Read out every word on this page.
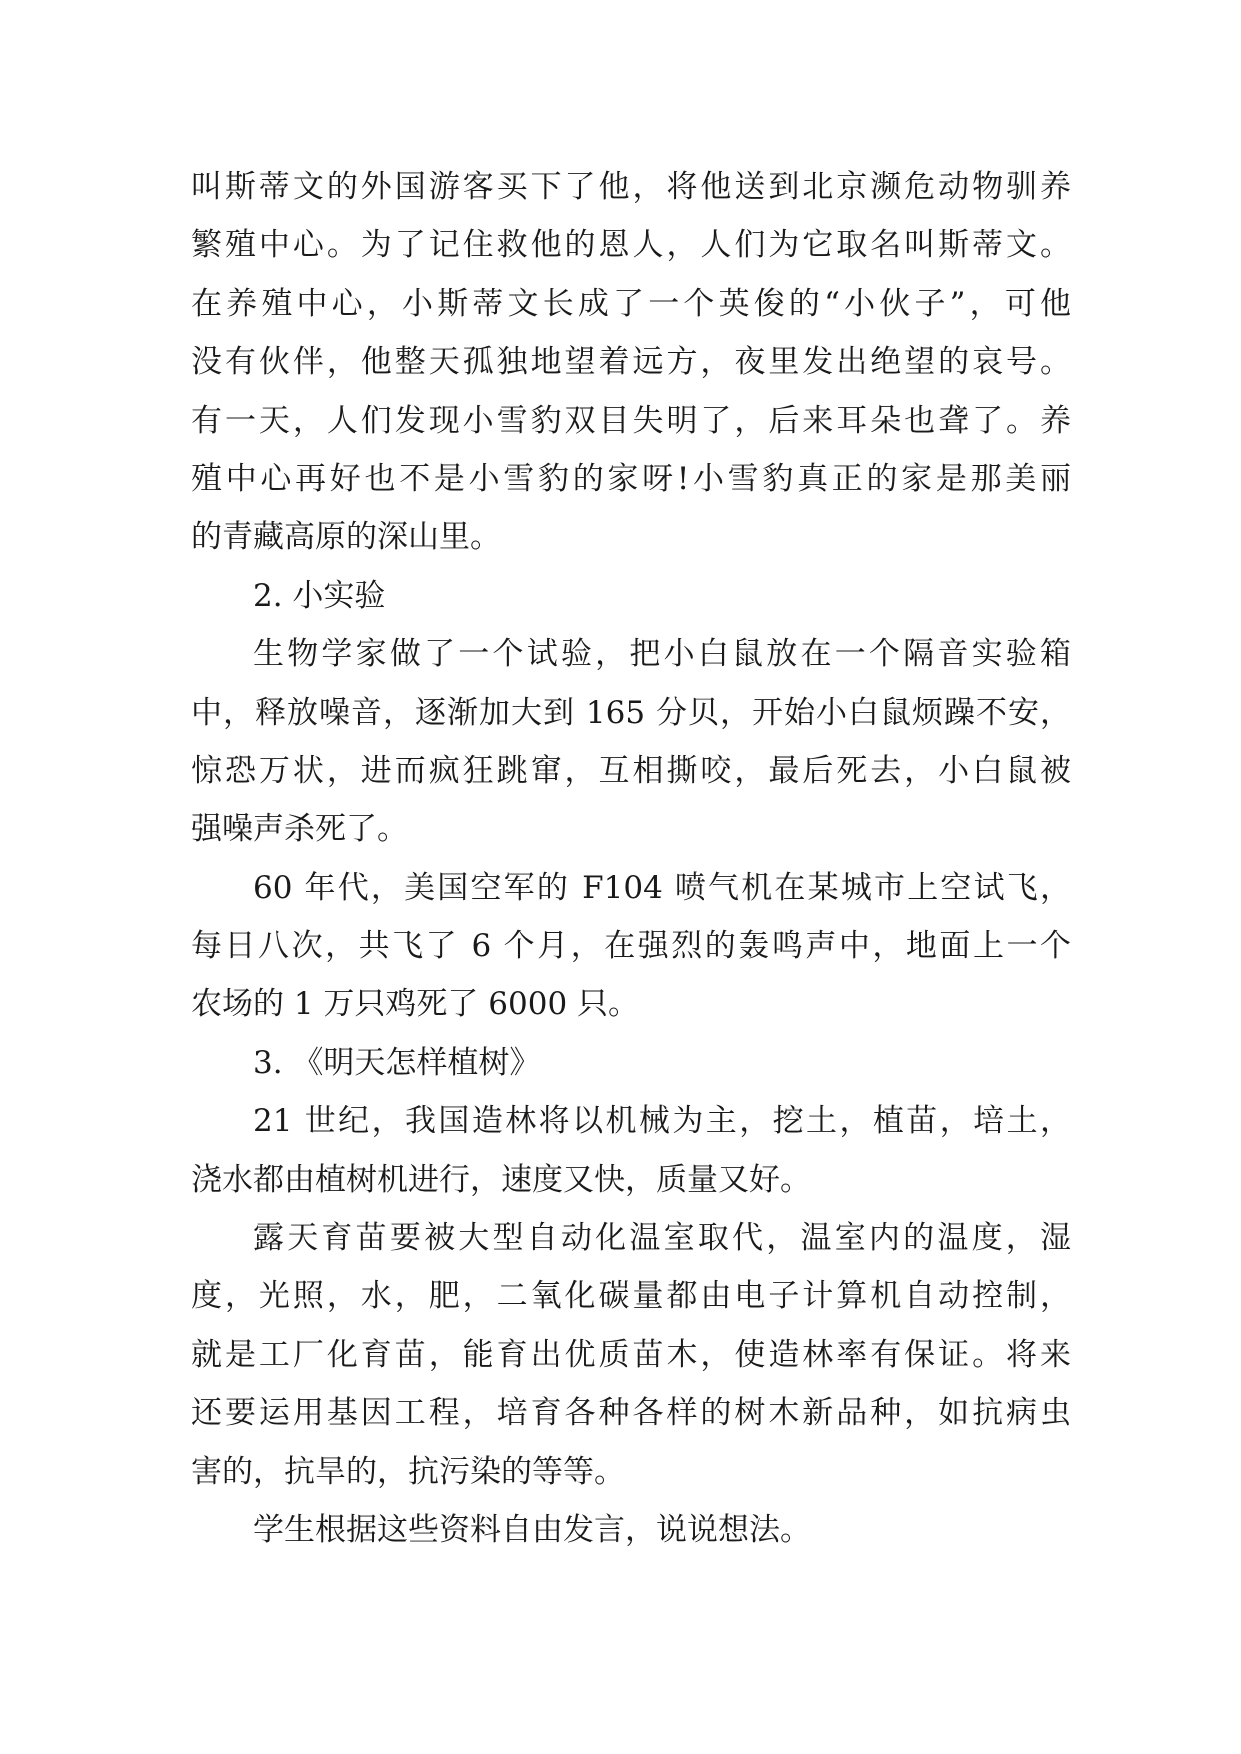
叫斯蒂文的外国游客买下了他，将他送到北京濒危动物驯养
繁殖中心。为了记住救他的恩人，人们为它取名叫斯蒂文。
在养殖中心，小斯蒂文长成了一个英俊的“小伙子”，可他
没有伙伴，他整天孤独地望着远方，夜里发出绝望的哀号。
有一天，人们发现小雪豹双目失明了，后来耳朵也聋了。养
殖中心再好也不是小雪豹的家呀!小雪豹真正的家是那美丽
的青藏高原的深山里。
2. 小实验
生物学家做了一个试验，把小白鼠放在一个隔音实验箱
中，释放噪音，逐渐加大到 165 分贝，开始小白鼠烦躁不安，
惊恐万状，进而疯狂跳窜，互相撕咬，最后死去，小白鼠被
强噪声杀死了。
60 年代，美国空军的 F104 喷气机在某城市上空试飞，
每日八次，共飞了 6 个月，在强烈的轰鸣声中，地面上一个
农场的 1 万只鸡死了 6000 只。
3. 《明天怎样植树》
21 世纪，我国造林将以机械为主，挖土，植苗，培土，
浇水都由植树机进行，速度又快，质量又好。
露天育苗要被大型自动化温室取代，温室内的温度，湿
度，光照，水，肥，二氧化碳量都由电子计算机自动控制，
就是工厂化育苗，能育出优质苗木，使造林率有保证。将来
还要运用基因工程，培育各种各样的树木新品种，如抗病虫
害的，抗旱的，抗污染的等等。
学生根据这些资料自由发言，说说想法。
